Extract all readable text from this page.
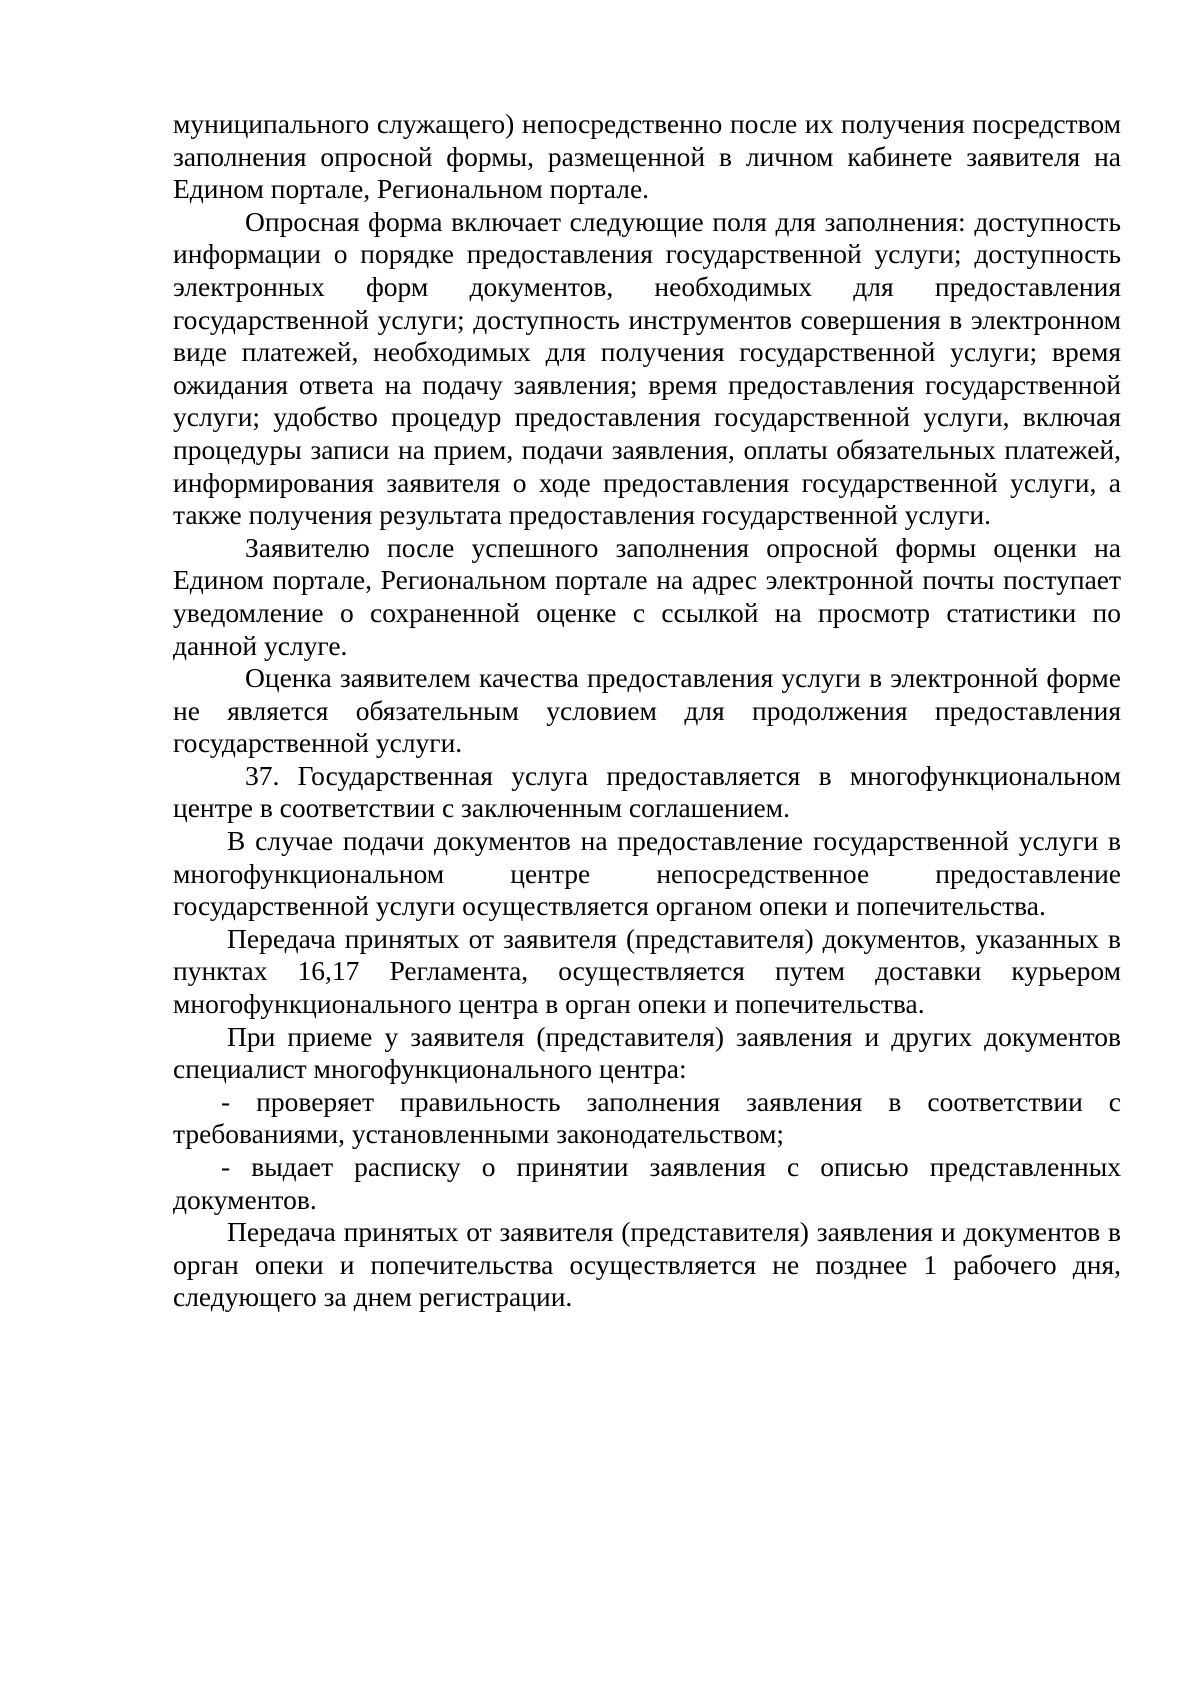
муниципального служащего) непосредственно после их получения посредством заполнения опросной формы, размещенной в личном кабинете заявителя на Едином портале, Региональном портале.

Опросная форма включает следующие поля для заполнения: доступность информации о порядке предоставления государственной услуги; доступность электронных форм документов, необходимых для предоставления государственной услуги; доступность инструментов совершения в электронном виде платежей, необходимых для получения государственной услуги; время ожидания ответа на подачу заявления; время предоставления государственной услуги; удобство процедур предоставления государственной услуги, включая процедуры записи на прием, подачи заявления, оплаты обязательных платежей, информирования заявителя о ходе предоставления государственной услуги, а также получения результата предоставления государственной услуги.

Заявителю после успешного заполнения опросной формы оценки на Едином портале, Региональном портале на адрес электронной почты поступает уведомление о сохраненной оценке с ссылкой на просмотр статистики по данной услуге.

Оценка заявителем качества предоставления услуги в электронной форме не является обязательным условием для продолжения предоставления государственной услуги.

37. Государственная услуга предоставляется в многофункциональном центре в соответствии с заключенным соглашением.

В случае подачи документов на предоставление государственной услуги в многофункциональном центре непосредственное предоставление государственной услуги осуществляется органом опеки и попечительства.

Передача принятых от заявителя (представителя) документов, указанных в пунктах 16,17 Регламента, осуществляется путем доставки курьером многофункционального центра в орган опеки и попечительства.

При приеме у заявителя (представителя) заявления и других документов специалист многофункционального центра:

- проверяет правильность заполнения заявления в соответствии с требованиями, установленными законодательством;

- выдает расписку о принятии заявления с описью представленных документов.

Передача принятых от заявителя (представителя) заявления и документов в орган опеки и попечительства осуществляется не позднее 1 рабочего дня, следующего за днем регистрации.
